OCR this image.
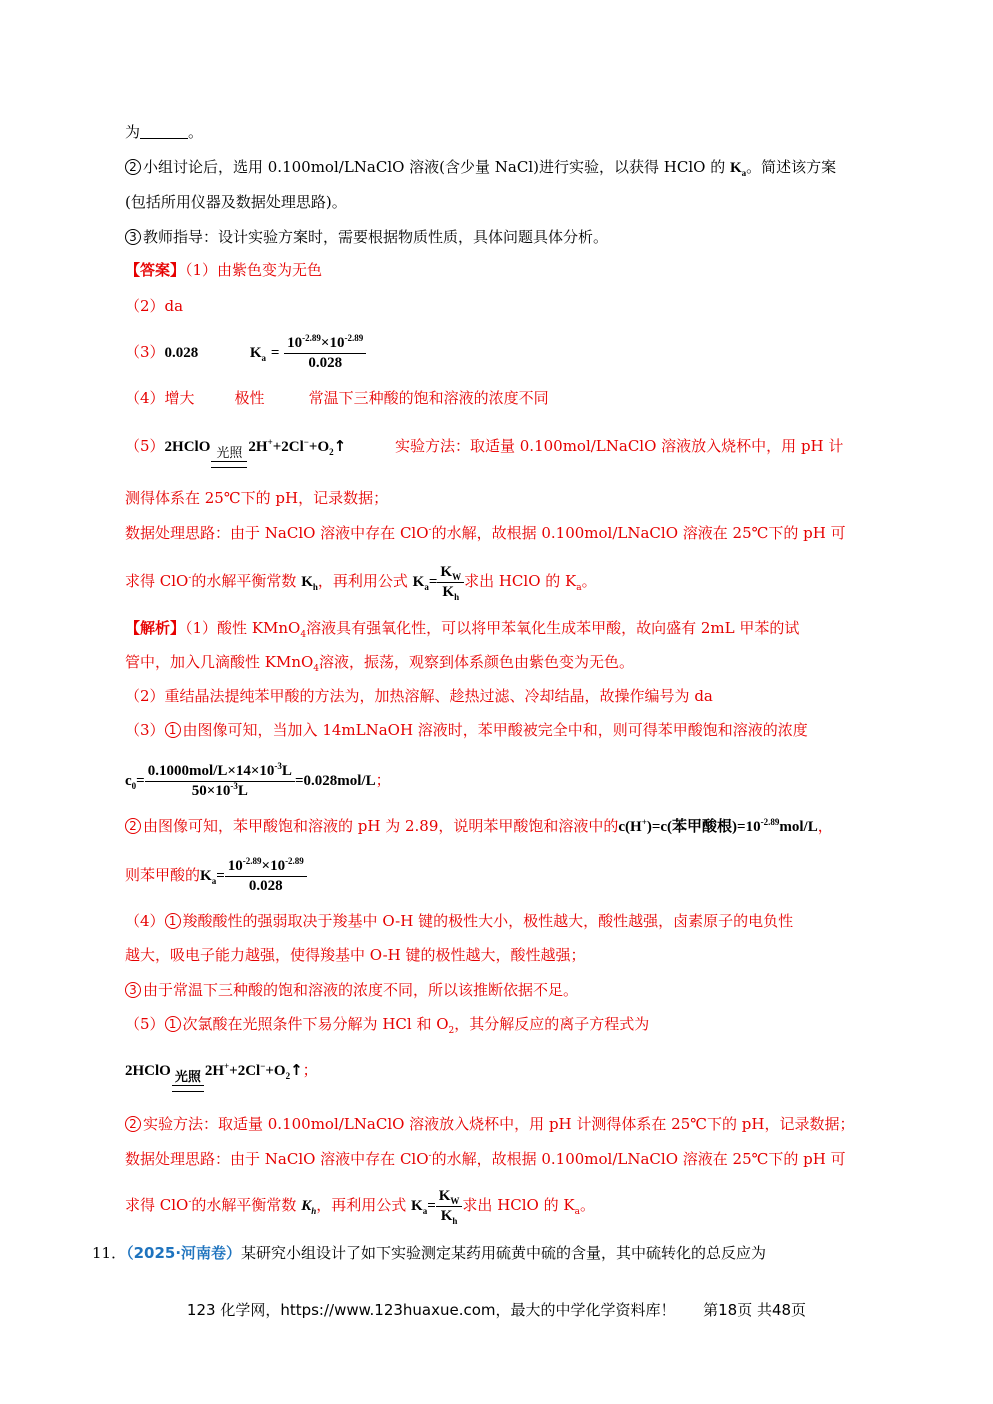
为	。
2 小组讨论后，选用 0.100mol/LNaClO 溶液(含少量 NaCl)进行实验，以获得 HClO 的 $K_a$。简述该方案
(包括所用仪器及数据处理思路)。
3 教师指导：设计实验方案时，需要根据物质性质，具体问题具体分析。
【答案】（1）由紫色变为无色
（2）da
（3）0.028	$K_a = \frac{10^{-2.89}\times 10^{-2.89}}{0.028}$
（4）增大	极性	常温下三种酸的饱和溶液的浓度不同
（5）2HClO 光照 $2H^++2Cl^-+O_2↑$	实验方法：取适量 0.100mol/LNaClO 溶液放入烧杯中，用 pH 计
测得体系在 25℃下的 pH，记录数据；
数据处理思路：由于 NaClO 溶液中存在 ClO-的水解，故根据 0.100mol/LNaClO 溶液在 25℃下的 pH 可
求得 ClO-的水解平衡常数 $K_h$，再利用公式 $K_a= \frac{K_W}{K_h}$ 求出 HClO 的 $K_a$。
【解析】（1）酸性 KMnO$_4$溶液具有强氧化性，可以将甲苯氧化生成苯甲酸，故向盛有 2mL 甲苯的试
管中，加入几滴酸性 KMnO$_4$溶液，振荡，观察到体系颜色由紫色变为无色。
（2）重结晶法提纯苯甲酸的方法为，加热溶解、趁热过滤、冷却结晶，故操作编号为 da
（3） 1 由图像可知，当加入 14mLNaOH 溶液时，苯甲酸被完全中和，则可得苯甲酸饱和溶液的浓度
$c_0= \frac{0.1000mol/L\times 14\times 10^{-3}L}{50\times 10^{-3}L} =0.028mol/L$；
2 由图像可知，苯甲酸饱和溶液的 pH 为 2.89，说明苯甲酸饱和溶液中的c(H+)=c(苯甲酸根)$=10^{-2.89}mol/L$，
则苯甲酸的$K_a= \frac{10^{-2.89}\times 10^{-2.89}}{0.028}$
（4） 1 羧酸酸性的强弱取决于羧基中 O-H 键的极性大小，极性越大，酸性越强，卤素原子的电负性
越大，吸电子能力越强，使得羧基中 O-H 键的极性越大，酸性越强；
3 由于常温下三种酸的饱和溶液的浓度不同，所以该推断依据不足。
（5） 1 次氯酸在光照条件下易分解为 HCl 和 $O_2$，其分解反应的离子方程式为
2HClO 光照 $2H^++2Cl^-+O_2↑$；
2 实验方法：取适量 0.100mol/LNaClO 溶液放入烧杯中，用 pH 计测得体系在 25℃下的 pH，记录数据；
数据处理思路：由于 NaClO 溶液中存在 ClO-的水解，故根据 0.100mol/LNaClO 溶液在 25℃下的 pH 可
求得 ClO-的水解平衡常数 $K_h$，再利用公式 $K_a= \frac{K_W}{K_h}$ 求出 HClO 的 $K_a$。
11．（2025·河南卷）某研究小组设计了如下实验测定某药用硫黄中硫的含量，其中硫转化的总反应为
123 化学网，https://www.123huaxue.com，最大的中学化学资料库！ 第18页 共48页
